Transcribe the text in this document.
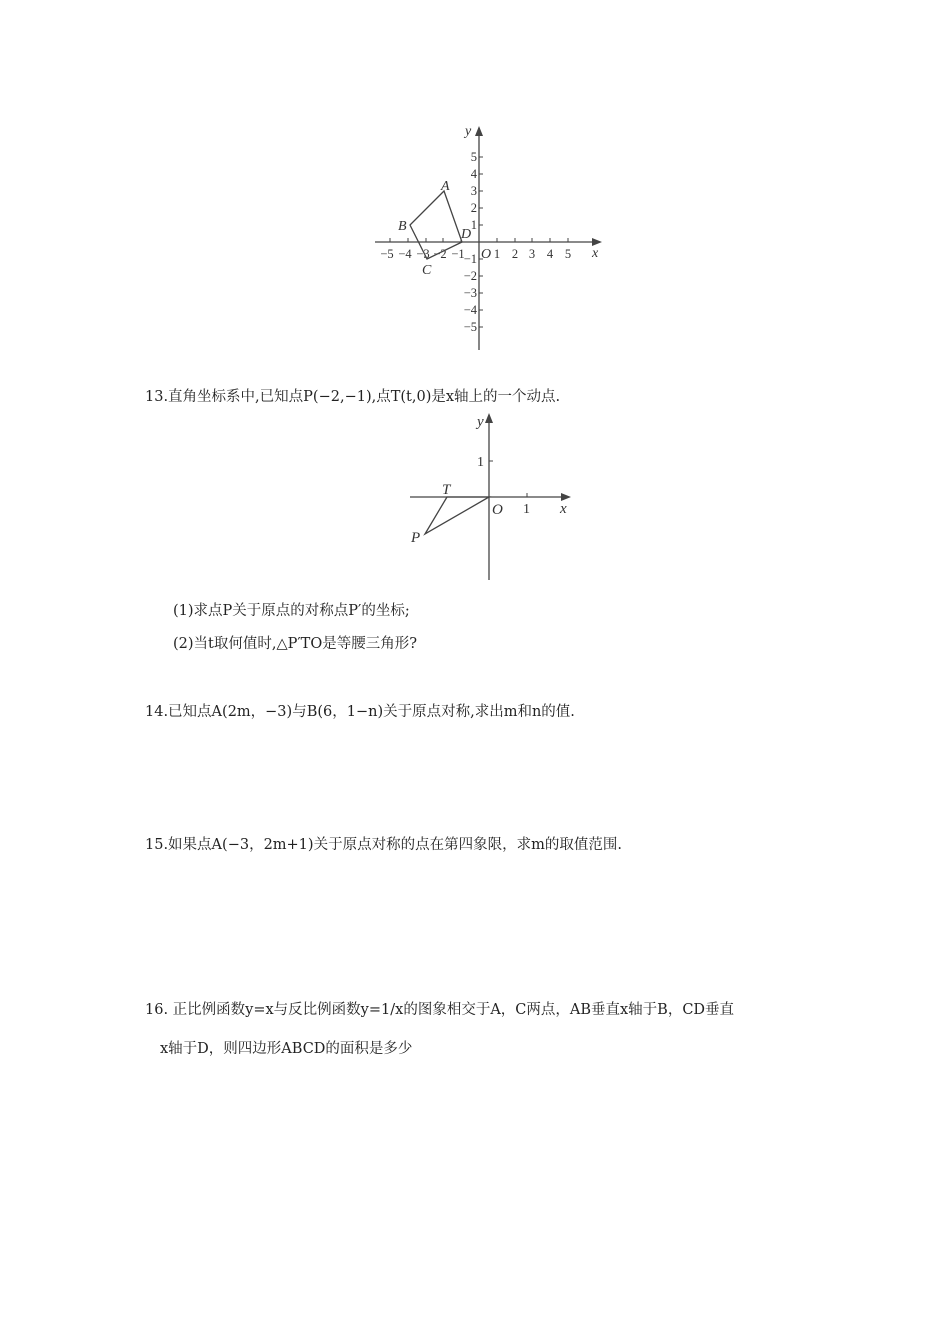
−5 −4 −3 −2 −1 1 2 3 4 5
5
4
3
2
1
−1
−2
−3
−4
−5
x
y
O
A
B
C
D
13.直角坐标系中,已知点P(−2,−1),点T(t,0)是x轴上的一个动点.
1
1
x
y
O
T
P
(1)求点P关于原点的对称点P′的坐标;
(2)当t取何值时,△P′TO是等腰三角形?
14.已知点A(2m，−3)与B(6，1−n)关于原点对称,求出m和n的值.
15.如果点A(−3，2m+1)关于原点对称的点在第四象限，求m的取值范围.
16. 正比例函数y=x与反比例函数y=1/x的图象相交于A，C两点，AB垂直x轴于B，CD垂直
x轴于D，则四边形ABCD的面积是多少
